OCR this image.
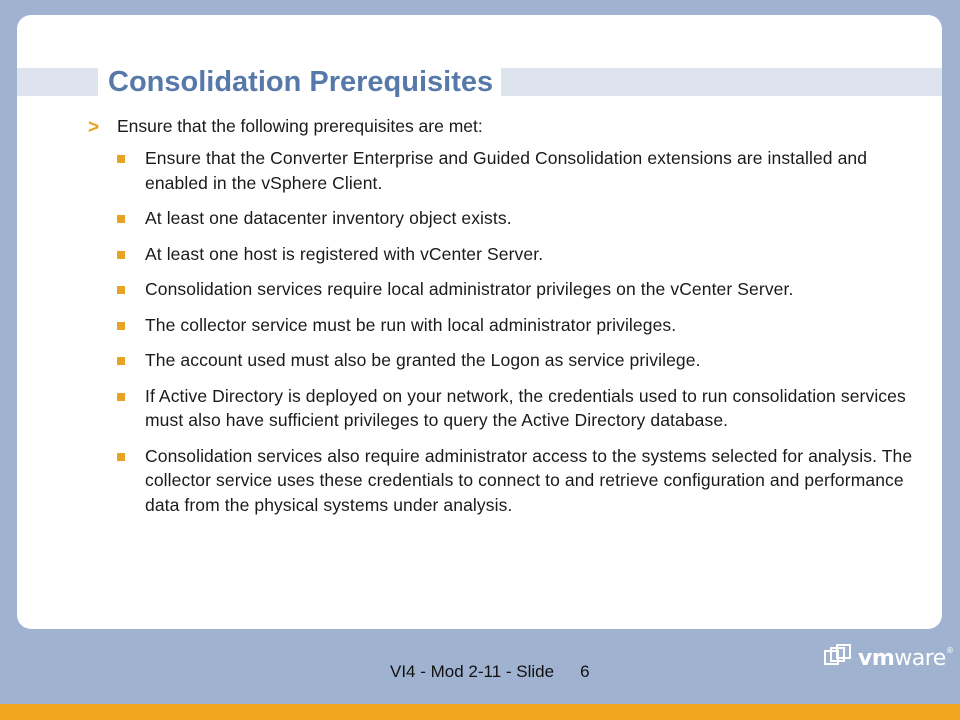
Consolidation Prerequisites
> Ensure that the following prerequisites are met:
Ensure that the Converter Enterprise and Guided Consolidation extensions are installed and enabled in the vSphere Client.
At least one datacenter inventory object exists.
At least one host is registered with vCenter Server.
Consolidation services require local administrator privileges on the vCenter Server.
The collector service must be run with local administrator privileges.
The account used must also be granted the Logon as service privilege.
If Active Directory is deployed on your network, the credentials used to run consolidation services must also have sufficient privileges to query the Active Directory database.
Consolidation services also require administrator access to the systems selected for analysis. The collector service uses these credentials to connect to and retrieve configuration and performance data from the physical systems under analysis.
VI4 - Mod 2-11 - Slide 6
vmware®
